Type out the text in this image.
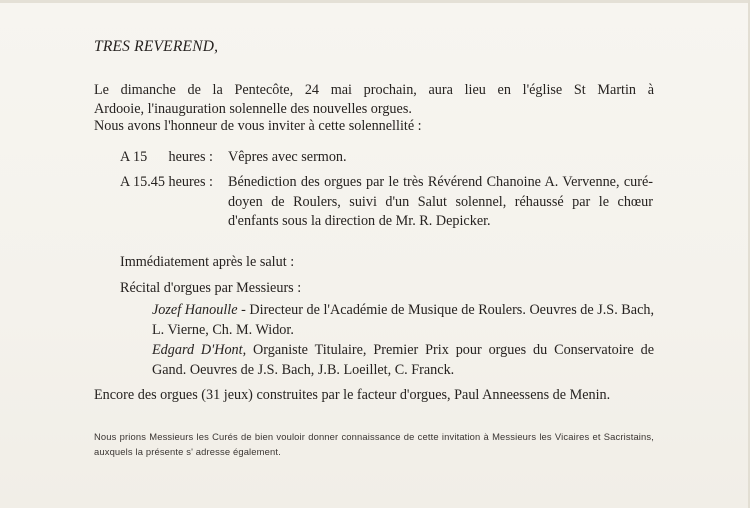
TRES REVEREND,
Le dimanche de la Pentecôte, 24 mai prochain, aura lieu en l'église St Martin à
Ardooie, l'inauguration solennelle des nouvelles orgues.
Nous avons l'honneur de vous inviter à cette solennellité :
A 15      heures : Vêpres avec sermon.
A 15.45 heures : Bénediction des orgues par le très Révérend Chanoine A. Vervenne, curé-doyen de Roulers, suivi d'un Salut solennel, réhaussé par le chœur d'enfants sous la direction de Mr. R. Depicker.
Immédiatement après le salut :
Récital d'orgues par Messieurs :
Jozef Hanoulle - Directeur de l'Académie de Musique de Roulers. Oeuvres de J.S. Bach, L. Vierne, Ch. M. Widor.
Edgard D'Hont, Organiste Titulaire, Premier Prix pour orgues du Conservatoire de Gand. Oeuvres de J.S. Bach, J.B. Loeillet, C. Franck.
Encore des orgues (31 jeux) construites par le facteur d'orgues, Paul Anneessens de Menin.
Nous prions Messieurs les Curés de bien vouloir donner connaissance de cette invitation à Messieurs les Vicaires et Sacristains, auxquels la présente s' adresse également.
